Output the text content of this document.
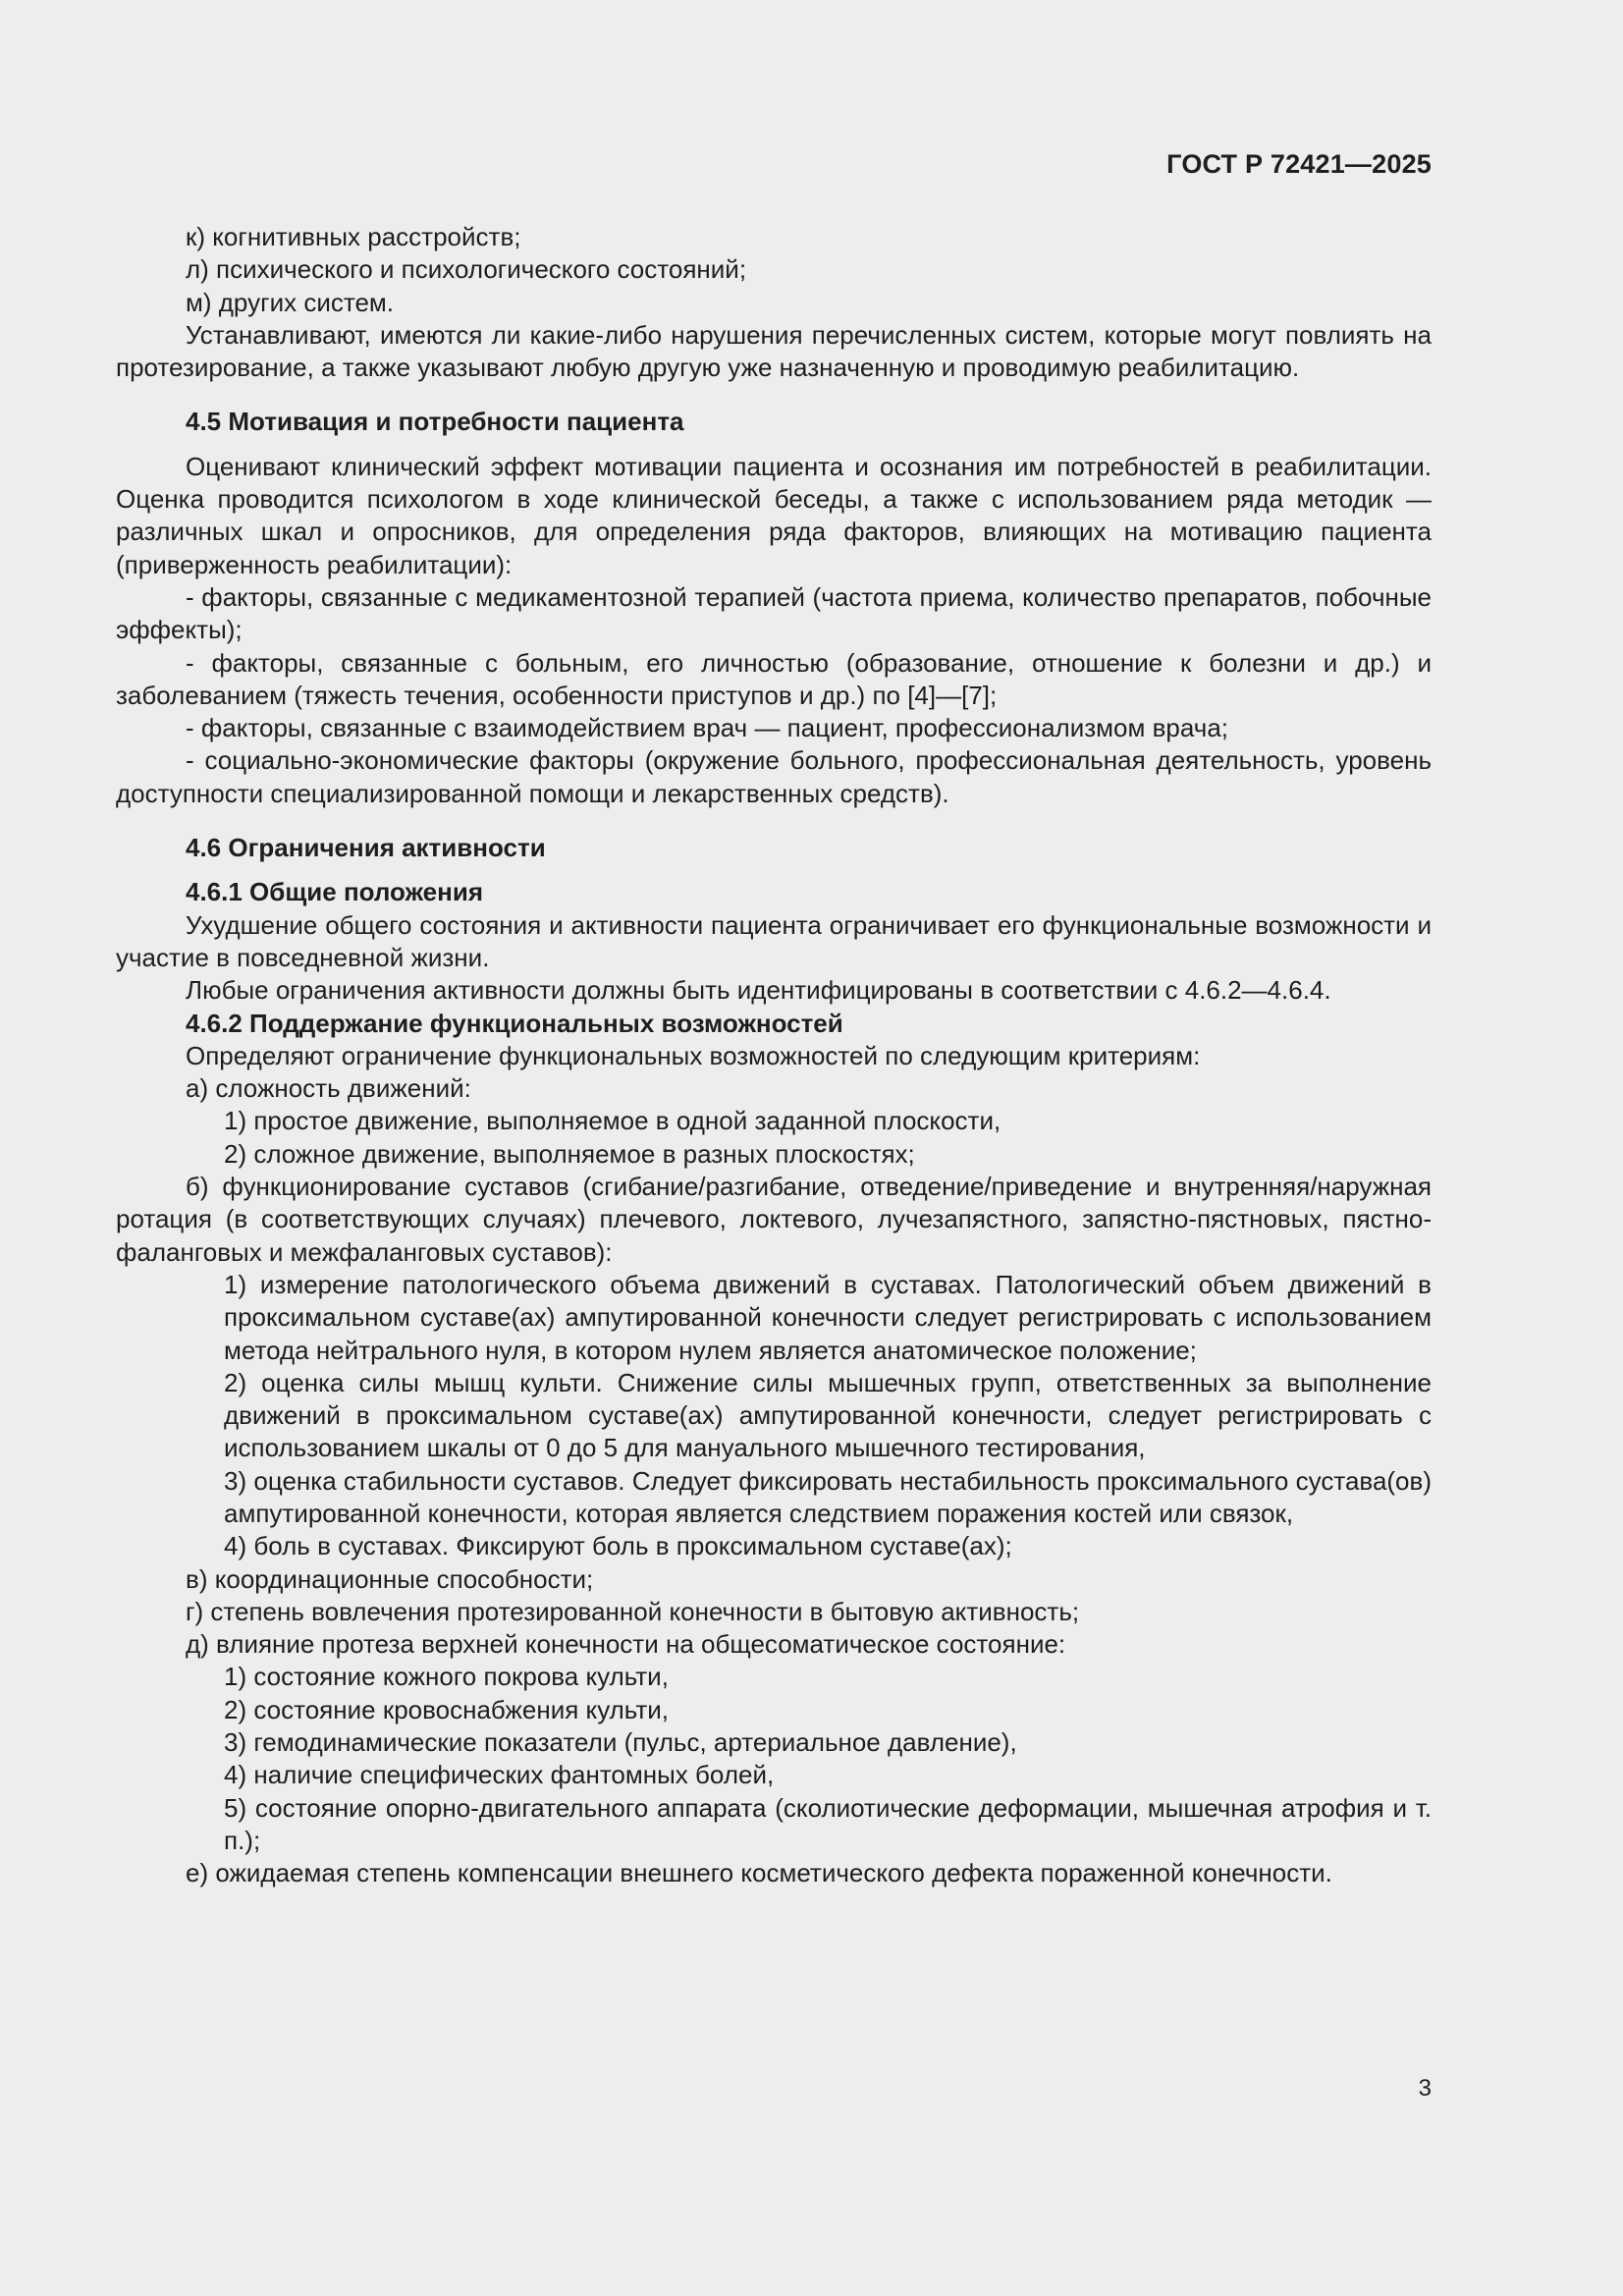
ГОСТ Р 72421—2025

к) когнитивных расстройств;

л) психического и психологического состояний;

м) других систем.

Устанавливают, имеются ли какие-либо нарушения перечисленных систем, которые могут повлиять на протезирование, а также указывают любую другую уже назначенную и проводимую реабилитацию.

4.5 Мотивация и потребности пациента

Оценивают клинический эффект мотивации пациента и осознания им потребностей в реабилитации. Оценка проводится психологом в ходе клинической беседы, а также с использованием ряда методик — различных шкал и опросников, для определения ряда факторов, влияющих на мотивацию пациента (приверженность реабилитации):

- факторы, связанные с медикаментозной терапией (частота приема, количество препаратов, побочные эффекты);

- факторы, связанные с больным, его личностью (образование, отношение к болезни и др.) и заболеванием (тяжесть течения, особенности приступов и др.) по [4]—[7];

- факторы, связанные с взаимодействием врач — пациент, профессионализмом врача;

- социально-экономические факторы (окружение больного, профессиональная деятельность, уровень доступности специализированной помощи и лекарственных средств).

4.6 Ограничения активности

4.6.1 Общие положения

Ухудшение общего состояния и активности пациента ограничивает его функциональные возможности и участие в повседневной жизни.

Любые ограничения активности должны быть идентифицированы в соответствии с 4.6.2—4.6.4.

4.6.2 Поддержание функциональных возможностей

Определяют ограничение функциональных возможностей по следующим критериям:

а) сложность движений:

1) простое движение, выполняемое в одной заданной плоскости,

2) сложное движение, выполняемое в разных плоскостях;

б) функционирование суставов (сгибание/разгибание, отведение/приведение и внутренняя/наружная ротация (в соответствующих случаях) плечевого, локтевого, лучезапястного, запястно-пястновых, пястно-фаланговых и межфаланговых суставов):

1) измерение патологического объема движений в суставах. Патологический объем движений в проксимальном суставе(ах) ампутированной конечности следует регистрировать с использованием метода нейтрального нуля, в котором нулем является анатомическое положение;

2) оценка силы мышц культи. Снижение силы мышечных групп, ответственных за выполнение движений в проксимальном суставе(ах) ампутированной конечности, следует регистрировать с использованием шкалы от 0 до 5 для мануального мышечного тестирования,

3) оценка стабильности суставов. Следует фиксировать нестабильность проксимального сустава(ов) ампутированной конечности, которая является следствием поражения костей или связок,

4) боль в суставах. Фиксируют боль в проксимальном суставе(ах);

в) координационные способности;

г) степень вовлечения протезированной конечности в бытовую активность;

д) влияние протеза верхней конечности на общесоматическое состояние:

1) состояние кожного покрова культи,

2) состояние кровоснабжения культи,

3) гемодинамические показатели (пульс, артериальное давление),

4) наличие специфических фантомных болей,

5) состояние опорно-двигательного аппарата (сколиотические деформации, мышечная атрофия и т. п.);

е) ожидаемая степень компенсации внешнего косметического дефекта пораженной конечности.

3
